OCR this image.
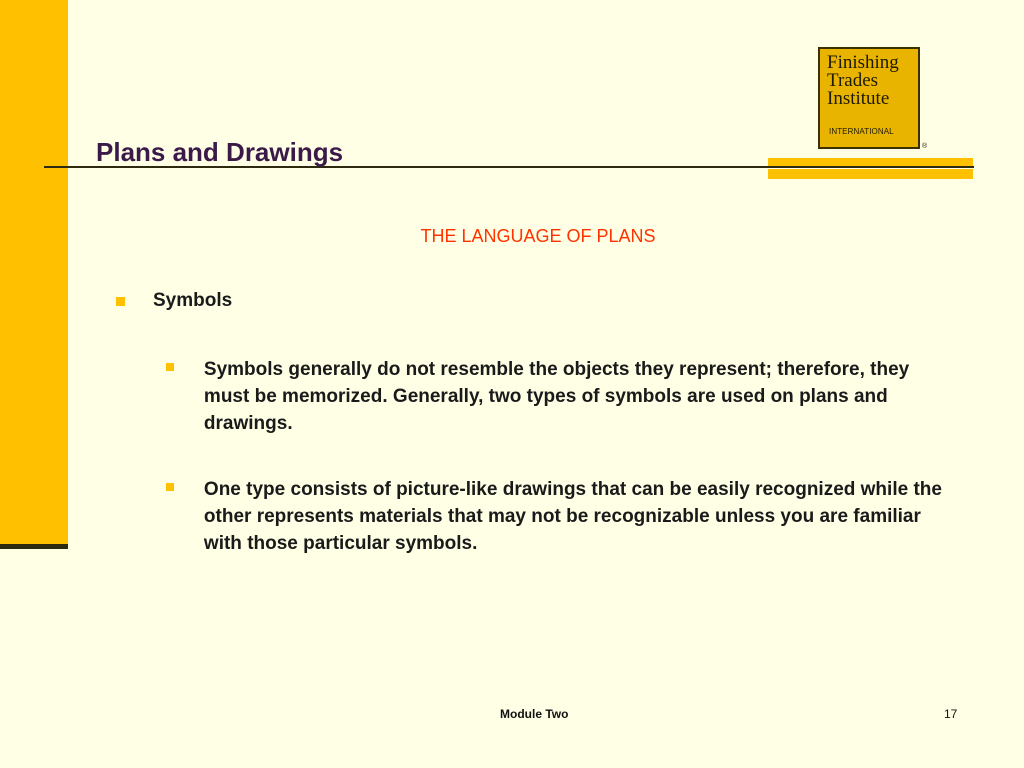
Plans and Drawings
Finishing
Trades
Institute
INTERNATIONAL
®

THE LANGUAGE OF PLANS

Symbols
Symbols generally do not resemble the objects they represent; therefore, they must be memorized. Generally, two types of symbols are used on plans and drawings.
One type consists of picture-like drawings that can be easily recognized while the other represents materials that may not be recognizable unless you are familiar with those particular symbols.
Module Two	17
